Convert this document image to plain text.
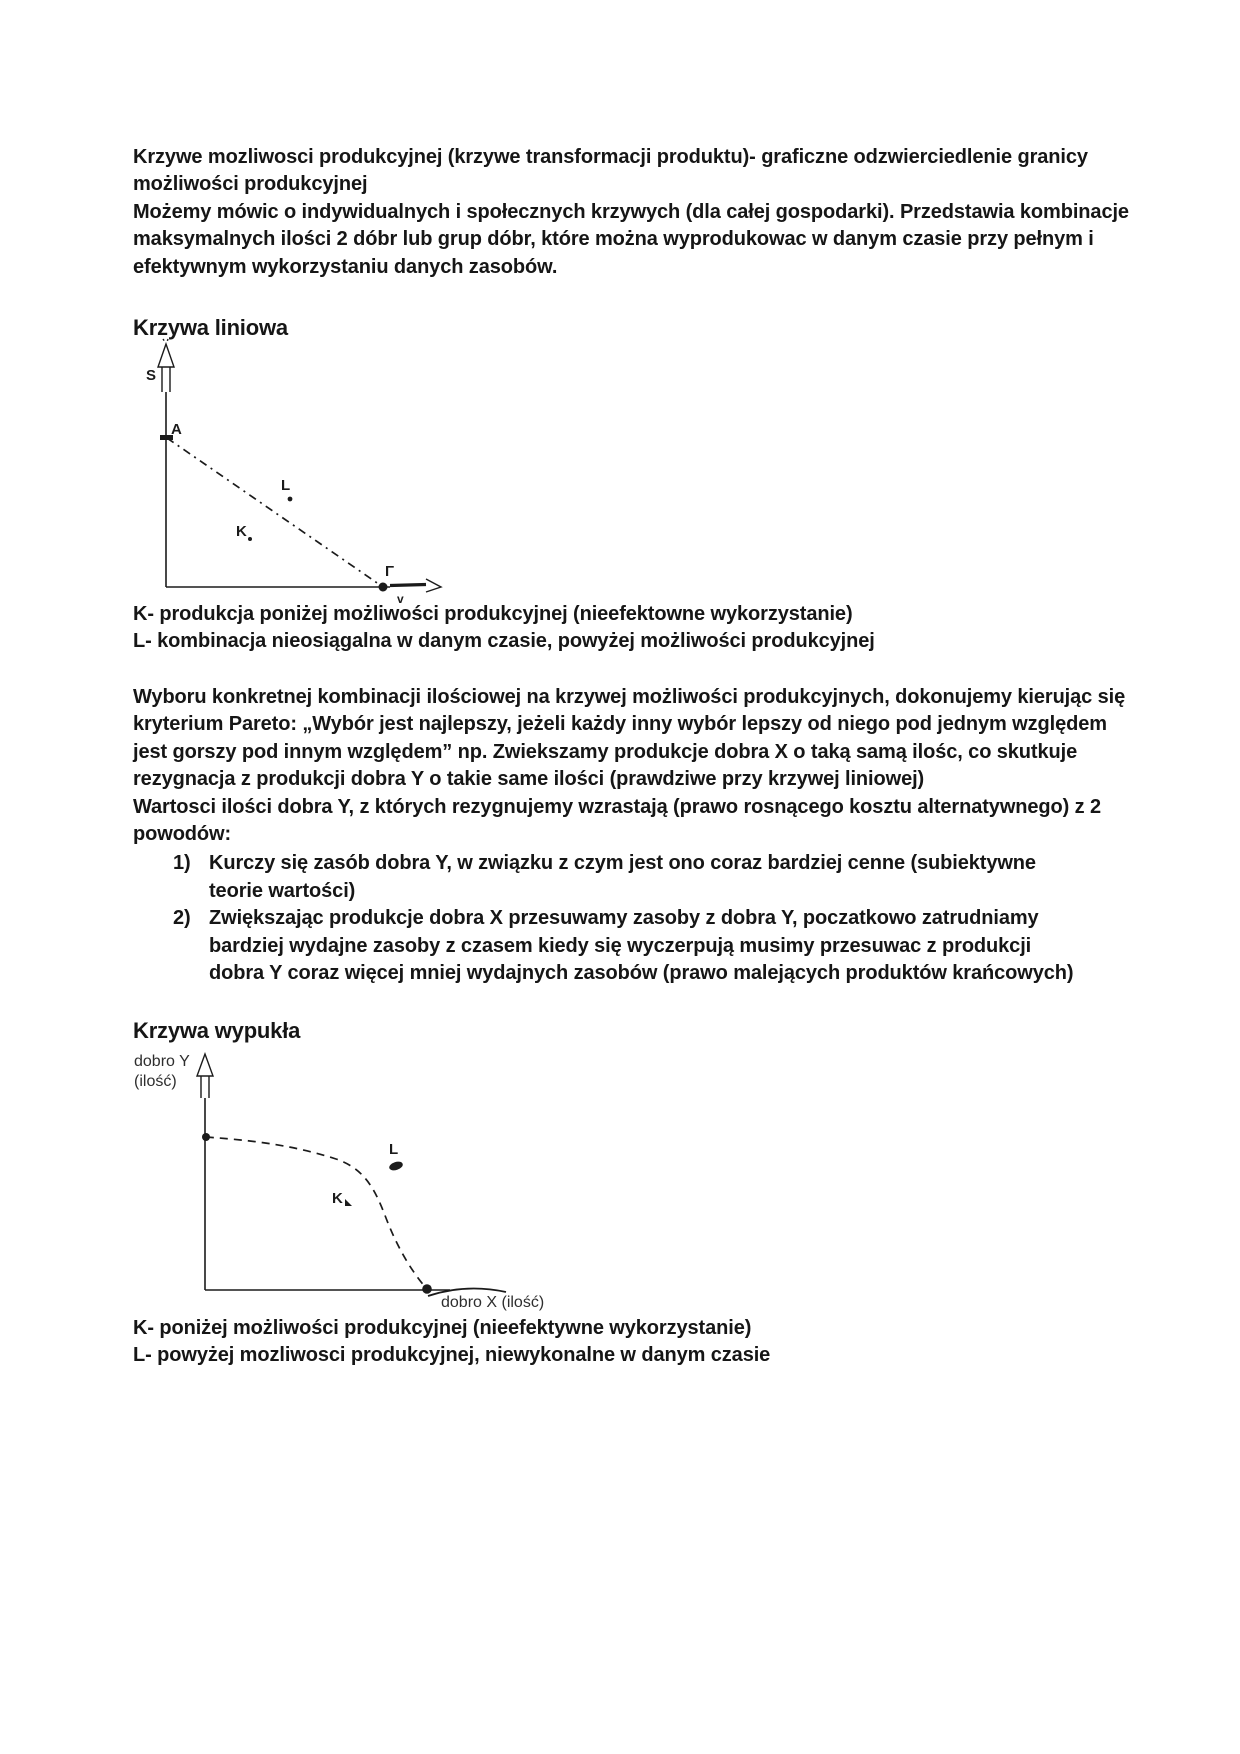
Krzywe mozliwosci produkcyjnej (krzywe transformacji produktu)- graficzne odzwierciedlenie granicy możliwości produkcyjnej
Możemy mówic o indywidualnych i społecznych krzywych (dla całej gospodarki). Przedstawia kombinacje maksymalnych ilości 2 dóbr lub grup dóbr, które można wyprodukowac w danym czasie przy pełnym i efektywnym wykorzystaniu danych zasobów.
Krzywa liniowa
S
v
Γ
A
L
K

K- produkcja poniżej możliwości produkcyjnej (nieefektowne wykorzystanie)

L- kombinacja nieosiągalna w danym czasie, powyżej możliwości produkcyjnej

Wyboru konkretnej kombinacji ilościowej na krzywej możliwości produkcyjnych, dokonujemy kierując się kryterium Pareto: „Wybór jest najlepszy, jeżeli każdy inny wybór lepszy od niego pod jednym względem jest gorszy pod innym względem” np. Zwiekszamy produkcje dobra X o taką samą ilośc, co skutkuje rezygnacja z produkcji dobra Y o takie same ilości (prawdziwe przy krzywej liniowej)

Wartosci ilości dobra Y, z których rezygnujemy wzrastają (prawo rosnącego kosztu alternatywnego) z 2 powodów:

1) Kurczy się zasób dobra Y, w związku z czym jest ono coraz bardziej cenne (subiektywne teorie wartości)
2) Zwiększając produkcje dobra X przesuwamy zasoby z dobra Y, poczatkowo zatrudniamy bardziej wydajne zasoby z czasem kiedy się wyczerpują musimy przesuwac z produkcji dobra Y coraz więcej mniej wydajnych zasobów (prawo malejących produktów krańcowych)
Krzywa wypukła
dobro Y
(ilość)
L
K
dobro X (ilość)

K- poniżej możliwości produkcyjnej (nieefektywne wykorzystanie)

L- powyżej mozliwosci produkcyjnej, niewykonalne w danym czasie
